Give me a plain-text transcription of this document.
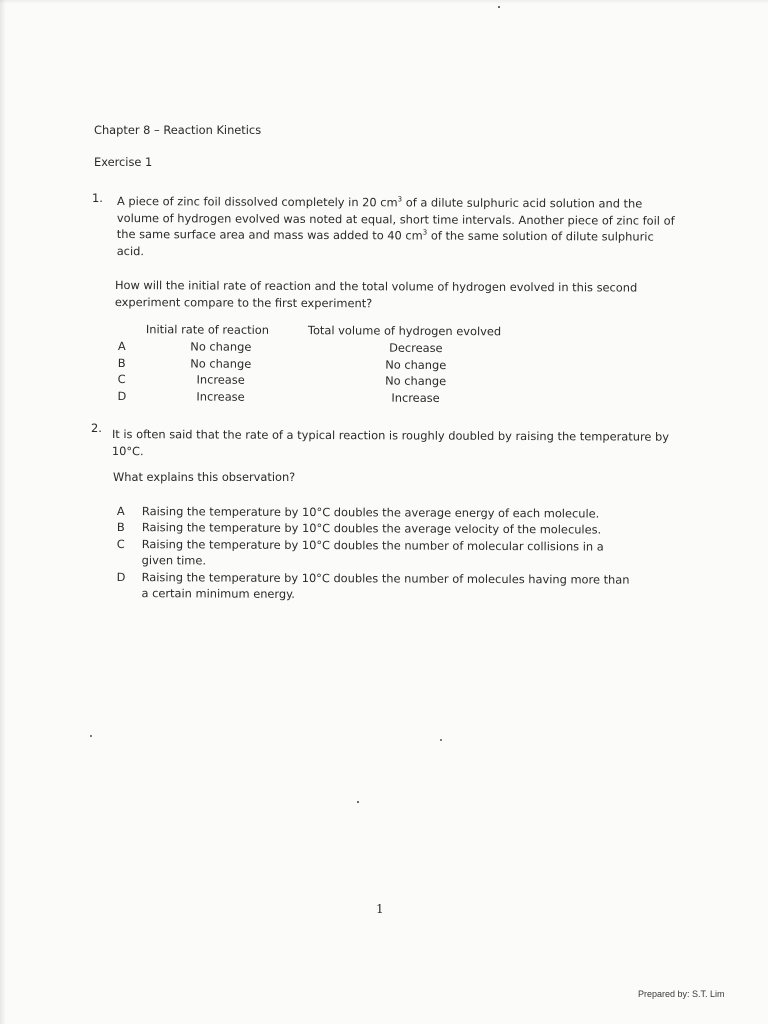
Chapter 8 – Reaction Kinetics
Exercise 1
1. A piece of zinc foil dissolved completely in 20 $cm^3$ of a dilute sulphuric acid solution and the volume of hydrogen evolved was noted at equal, short time intervals. Another piece of zinc foil of the same surface area and mass was added to 40 $cm^3$ of the same solution of dilute sulphuric acid.
How will the initial rate of reaction and the total volume of hydrogen evolved in this second experiment compare to the first experiment?
Initial rate of reaction	Total volume of hydrogen evolved
A	No change	Decrease
B	No change	No change
C	Increase	No change
D	Increase	Increase
2. It is often said that the rate of a typical reaction is roughly doubled by raising the temperature by 10°C.
What explains this observation?
A	Raising the temperature by 10°C doubles the average energy of each molecule.
B	Raising the temperature by 10°C doubles the average velocity of the molecules.
C	Raising the temperature by 10°C doubles the number of molecular collisions in a given time.
D	Raising the temperature by 10°C doubles the number of molecules having more than a certain minimum energy.
1
Prepared by: S.T. Lim
